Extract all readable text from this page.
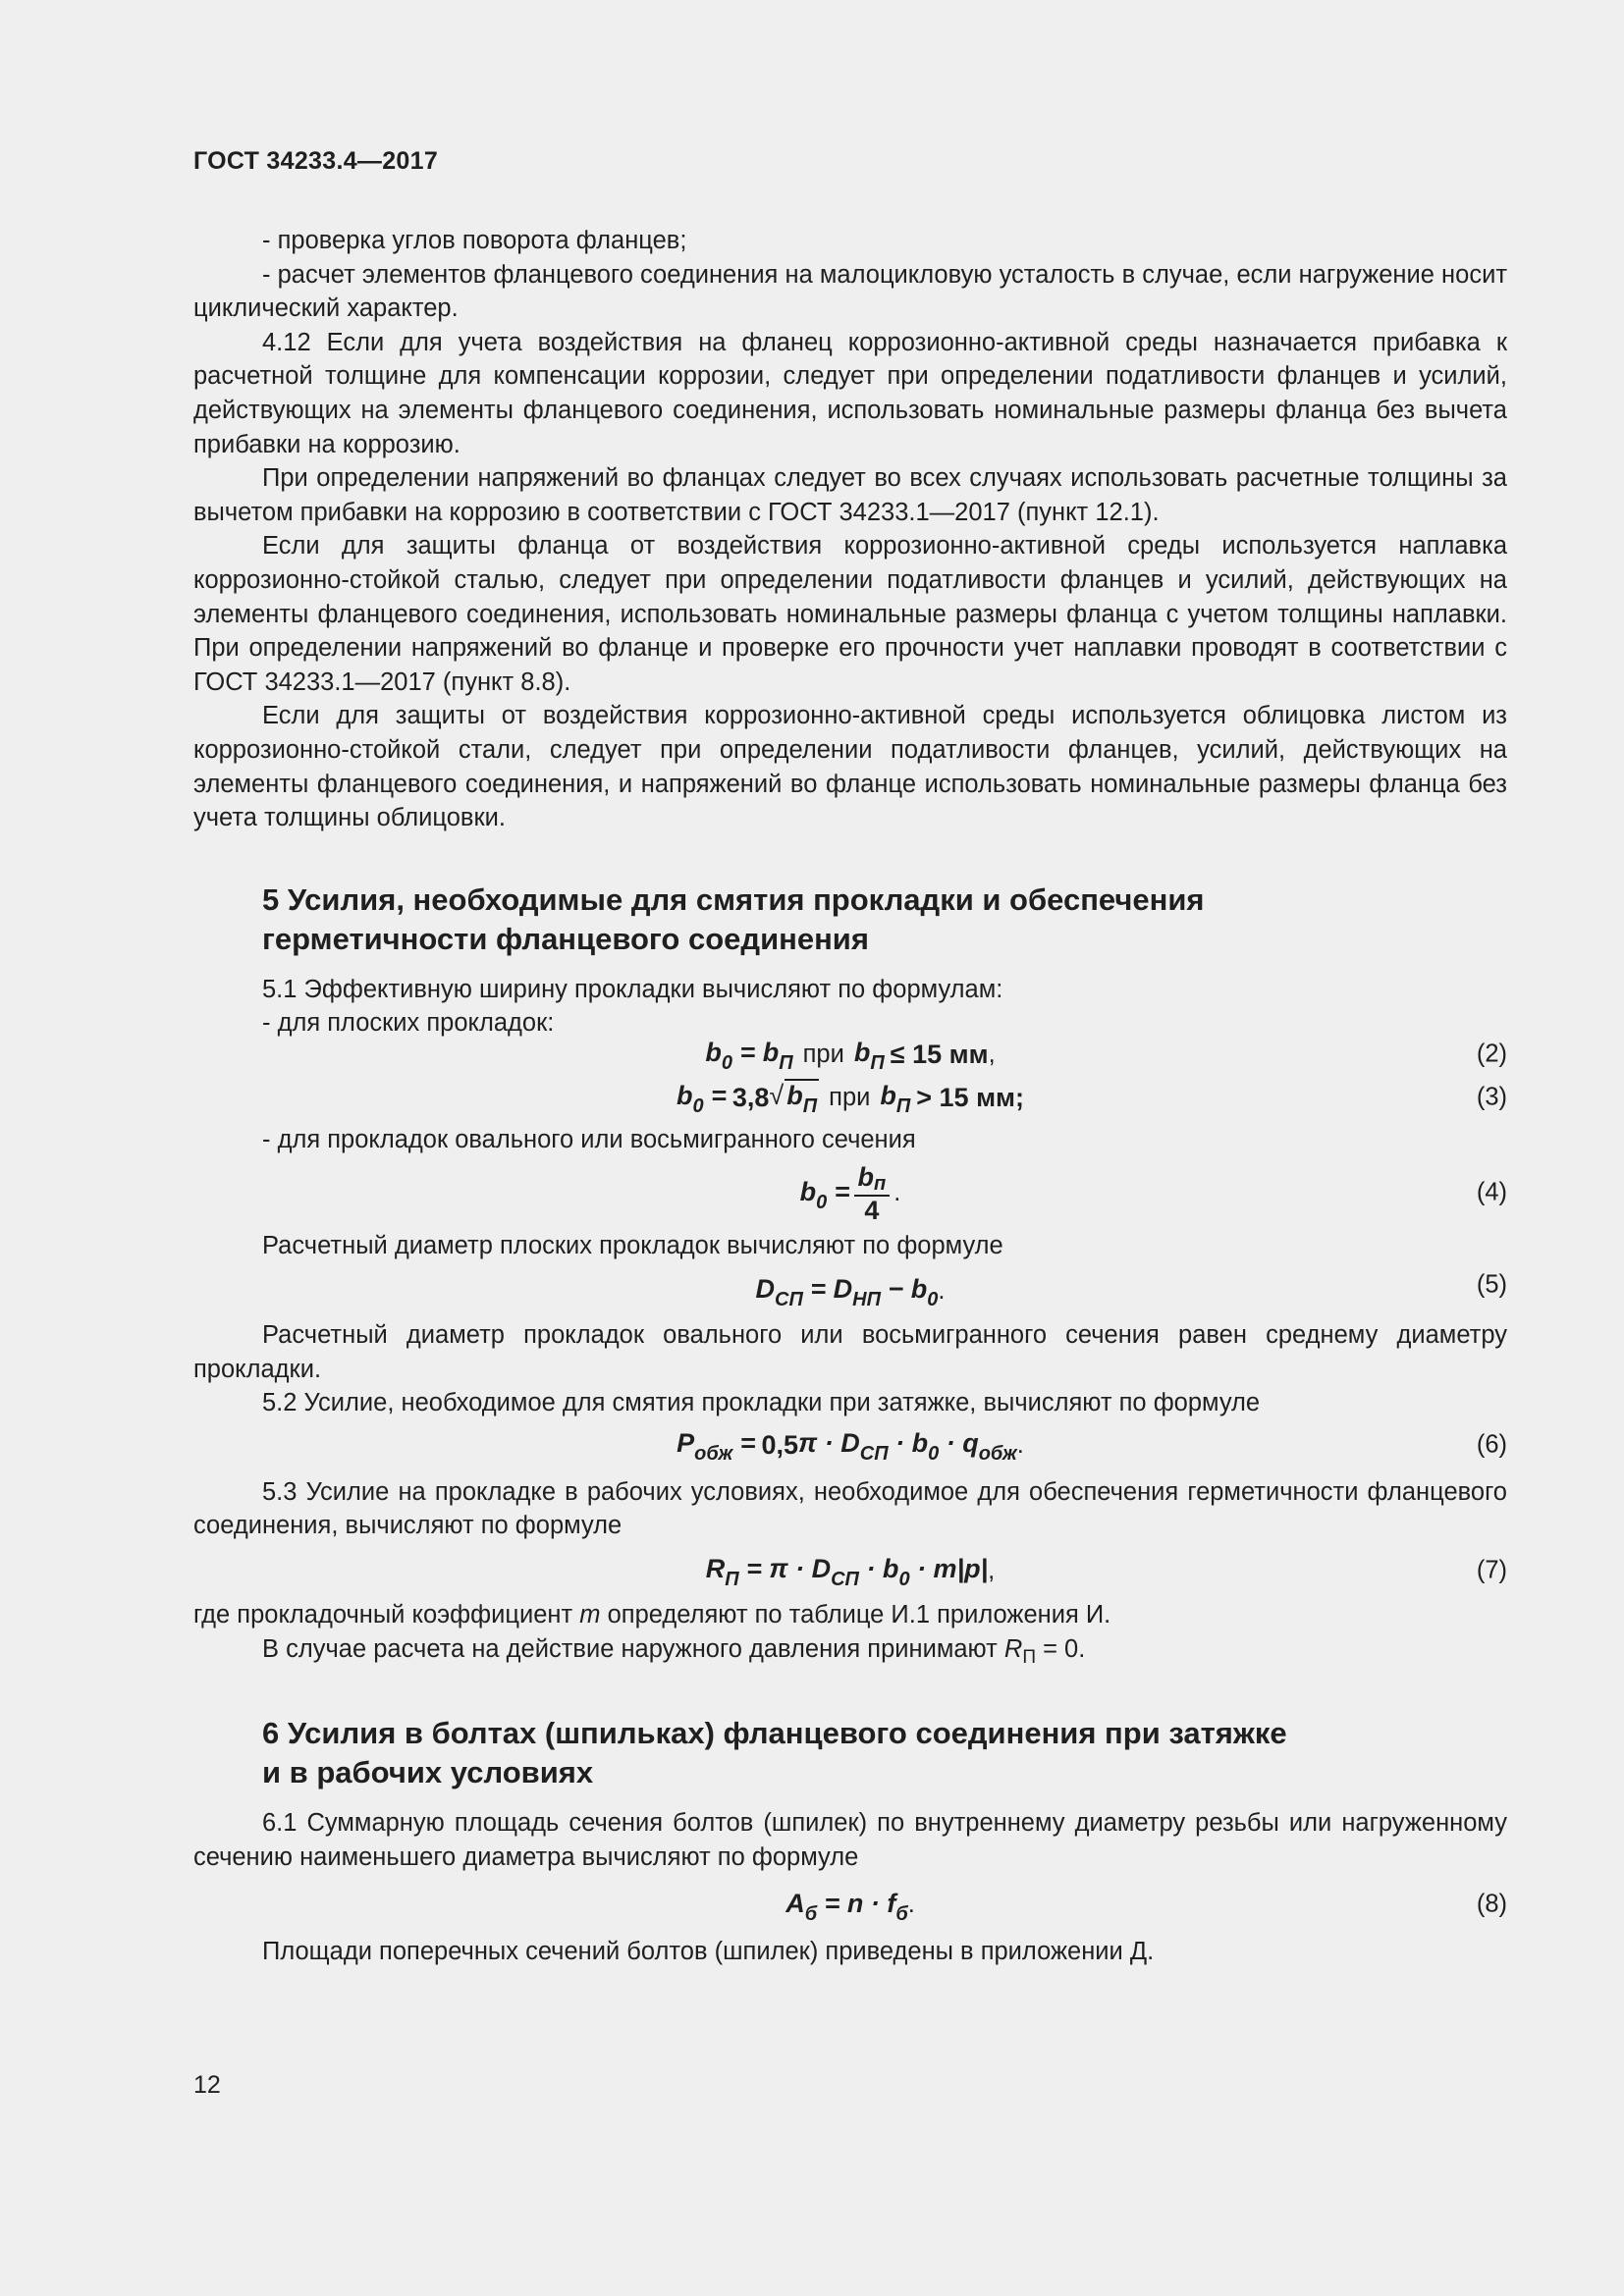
ГОСТ 34233.4—2017

- проверка углов поворота фланцев;

- расчет элементов фланцевого соединения на малоцикловую усталость в случае, если нагружение носит циклический характер.

4.12 Если для учета воздействия на фланец коррозионно-активной среды назначается прибавка к расчетной толщине для компенсации коррозии, следует при определении податливости фланцев и усилий, действующих на элементы фланцевого соединения, использовать номинальные размеры фланца без вычета прибавки на коррозию.

При определении напряжений во фланцах следует во всех случаях использовать расчетные толщины за вычетом прибавки на коррозию в соответствии с ГОСТ 34233.1—2017 (пункт 12.1).

Если для защиты фланца от воздействия коррозионно-активной среды используется наплавка коррозионно-стойкой сталью, следует при определении податливости фланцев и усилий, действующих на элементы фланцевого соединения, использовать номинальные размеры фланца с учетом толщины наплавки. При определении напряжений во фланце и проверке его прочности учет наплавки проводят в соответствии с ГОСТ 34233.1—2017 (пункт 8.8).

Если для защиты от воздействия коррозионно-активной среды используется облицовка листом из коррозионно-стойкой стали, следует при определении податливости фланцев, усилий, действующих на элементы фланцевого соединения, и напряжений во фланце использовать номинальные размеры фланца без учета толщины облицовки.

5 Усилия, необходимые для смятия прокладки и обеспечения
герметичности фланцевого соединения

5.1 Эффективную ширину прокладки вычисляют по формулам:

- для плоских прокладок:

$b_0 = b_П$ при $b_П \le 15$ мм ,	(2)
$b_0 = 3,8$ √ $b_П$ при $b_П > 15$ мм;	(3)

- для прокладок овального или восьмигранного сечения

$b_0 = \frac{bп}{4}$ .	(4)

Расчетный диаметр плоских прокладок вычисляют по формуле

$D_{СП} = D_{НП} - b_0$ .	(5)

Расчетный диаметр прокладок овального или восьмигранного сечения равен среднему диаметру прокладки.

5.2 Усилие, необходимое для смятия прокладки при затяжке, вычисляют по формуле

$P_{обж} = 0,5$ $\pi \cdot D_{СП} \cdot b_0 \cdot q_{обж}$ .	(6)

5.3 Усилие на прокладке в рабочих условиях, необходимое для обеспечения герметичности фланцевого соединения, вычисляют по формуле

$R_П = \pi \cdot D_{СП} \cdot b_0 \cdot m|p|$ ,	(7)

где прокладочный коэффициент m определяют по таблице И.1 приложения И.

В случае расчета на действие наружного давления принимают $R_П = 0$.

6 Усилия в болтах (шпильках) фланцевого соединения при затяжке
и в рабочих условиях

6.1 Суммарную площадь сечения болтов (шпилек) по внутреннему диаметру резьбы или нагруженному сечению наименьшего диаметра вычисляют по формуле

$A_б = n \cdot f_б$ .	(8)

Площади поперечных сечений болтов (шпилек) приведены в приложении Д.

12
